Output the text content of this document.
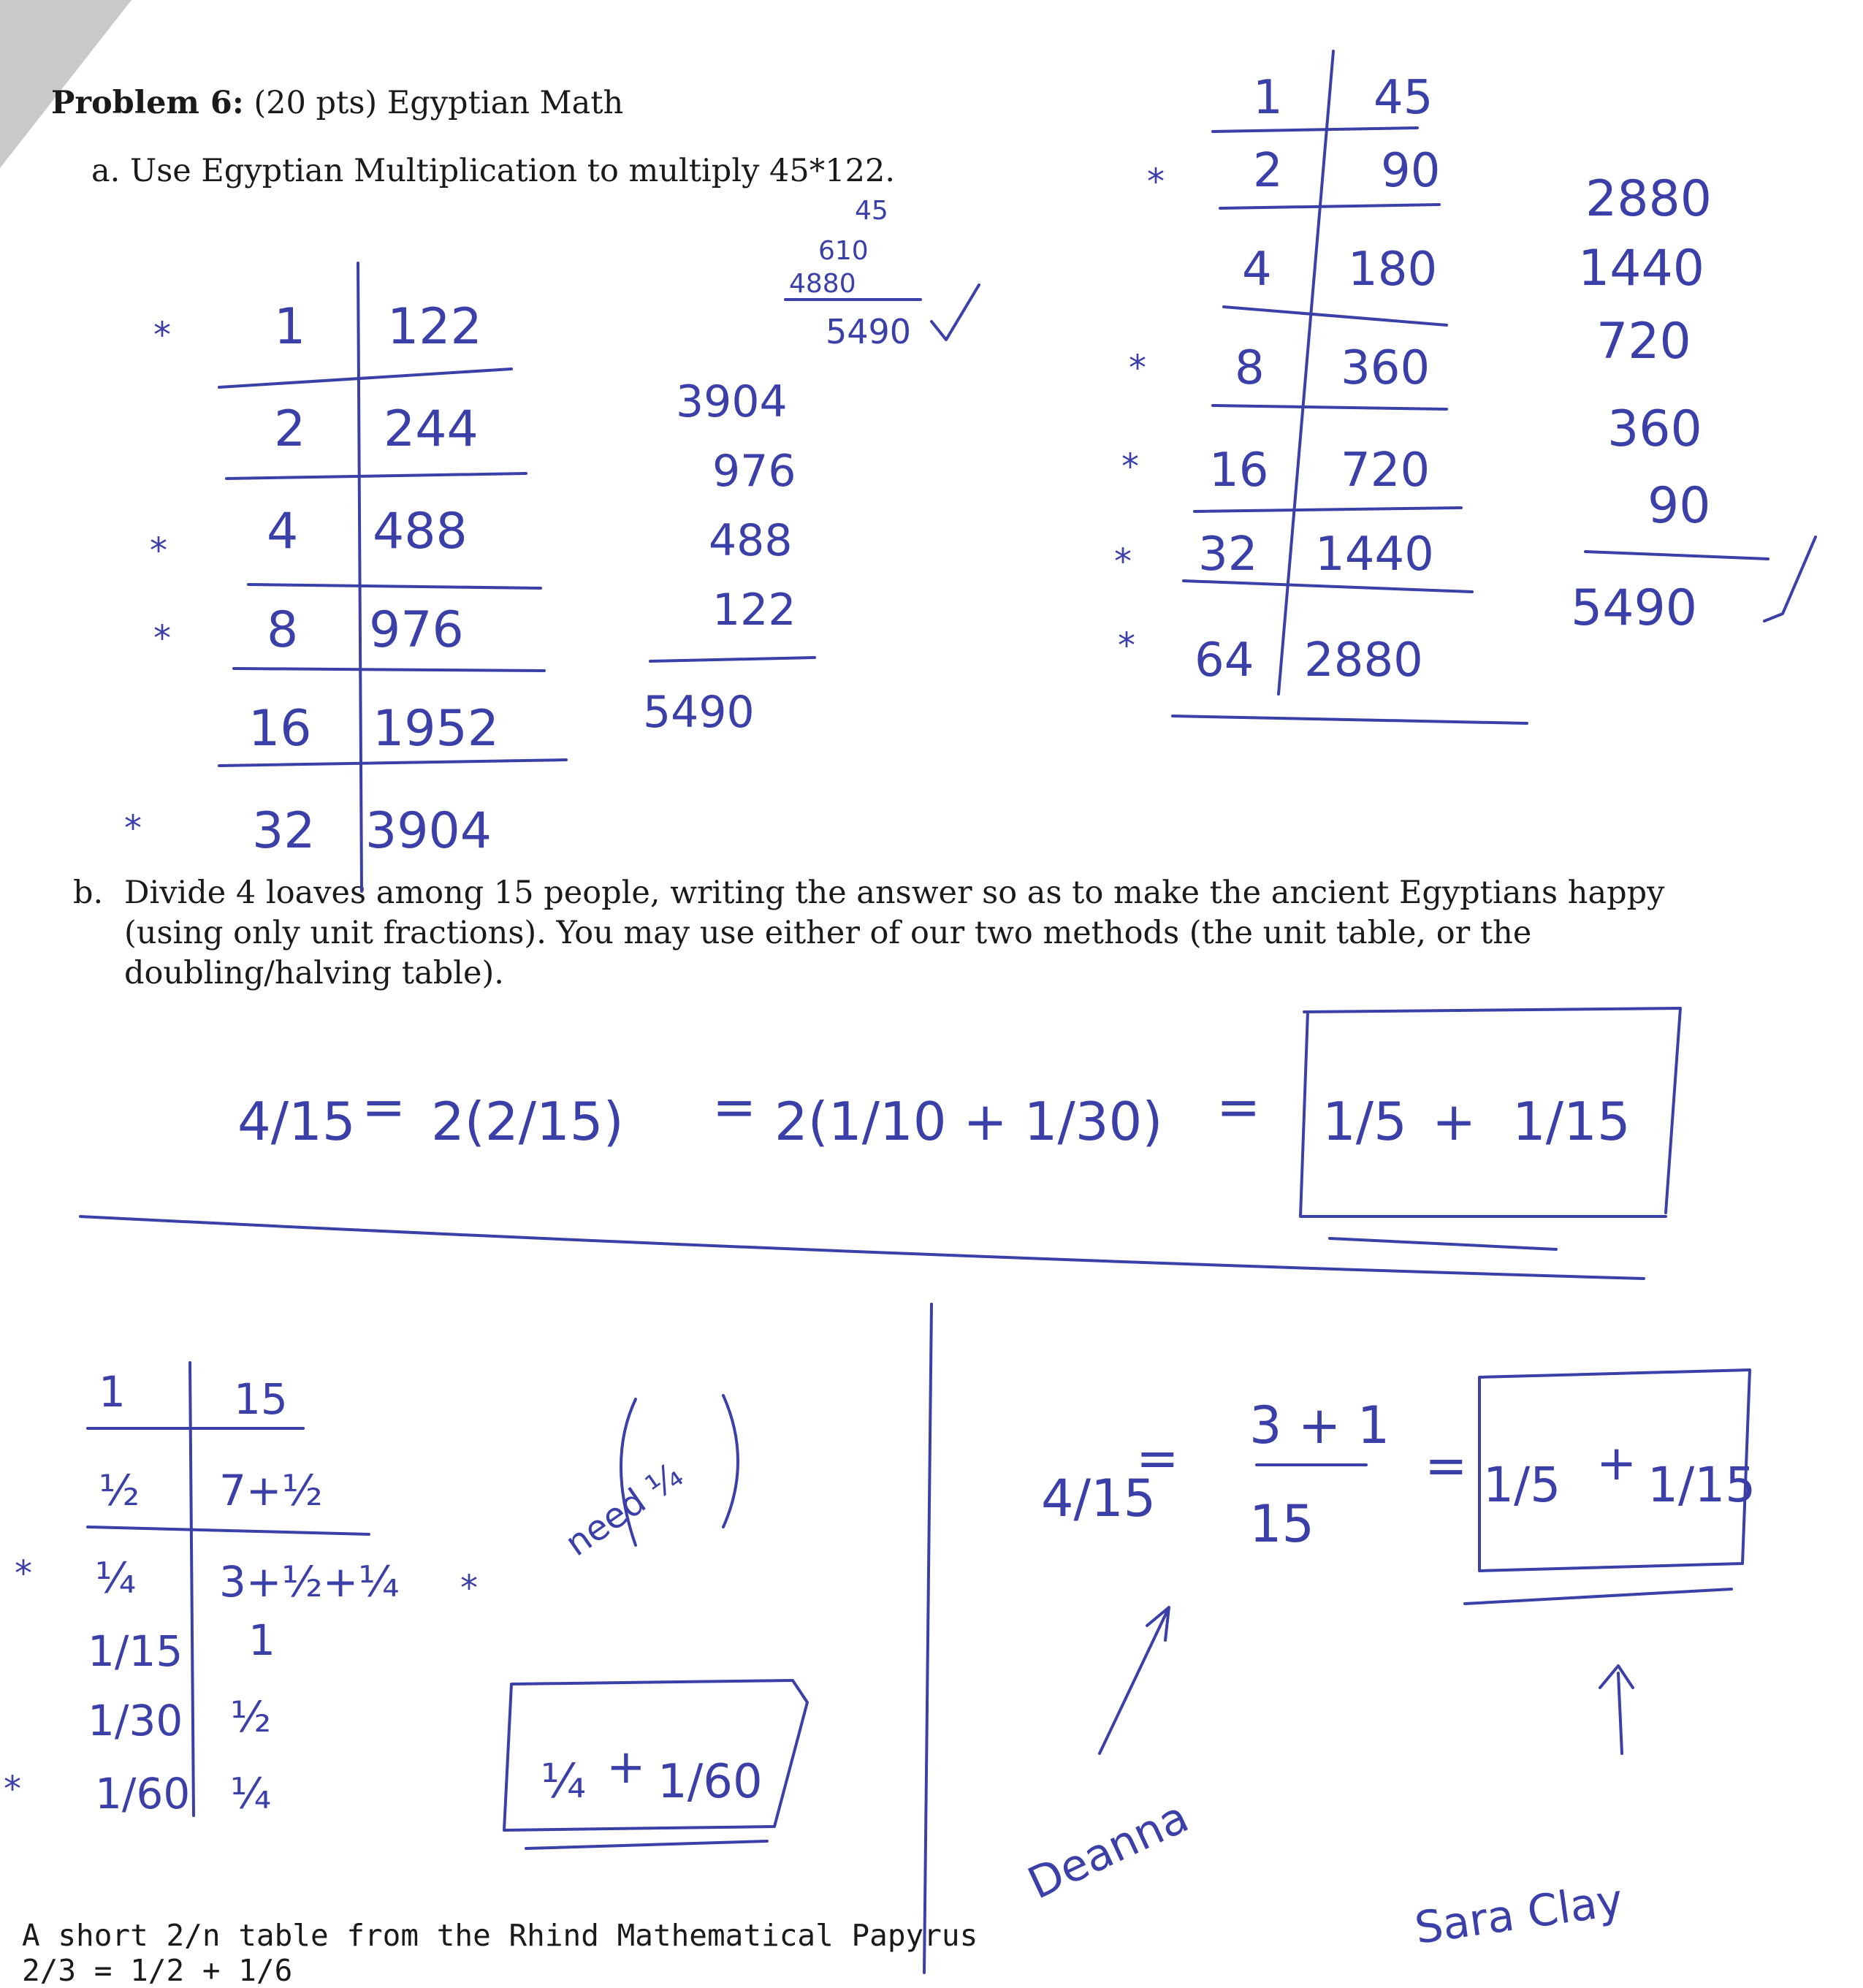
Problem 6: (20 pts) Egyptian Math
a. Use Egyptian Multiplication to multiply 45*122.
b. Divide 4 loaves among 15 people, writing the answer so as to make the ancient Egyptians happy (using only unit fractions). You may use either of our two methods (the unit table, or the doubling/halving table).
A short 2/n table from the Rhind Mathematical Papyrus
2/3 = 1/2 + 1/6
1
2
4
8
16
32
122
244
488
976
1952
3904
*
*
*
*
3904
976
488
122
5490
45
610
4880
5490
1
2
4
8
16
32
64
45
90
180
360
720
1440
2880
*
*
*
*
*
2880
1440
720
360
90
5490
4/15 = 2(2/15) = 2(1/10 + 1/30) = 1/5 + 1/15
1
½
¼
1/15
1/30
1/60
15
7+½
3+½+¼
1
½
¼
*
*
*
need ¼
¼ + 1/60
4/15
=
3 + 1
15
= 1/5 + 1/15
Deanna
Sara Clay
